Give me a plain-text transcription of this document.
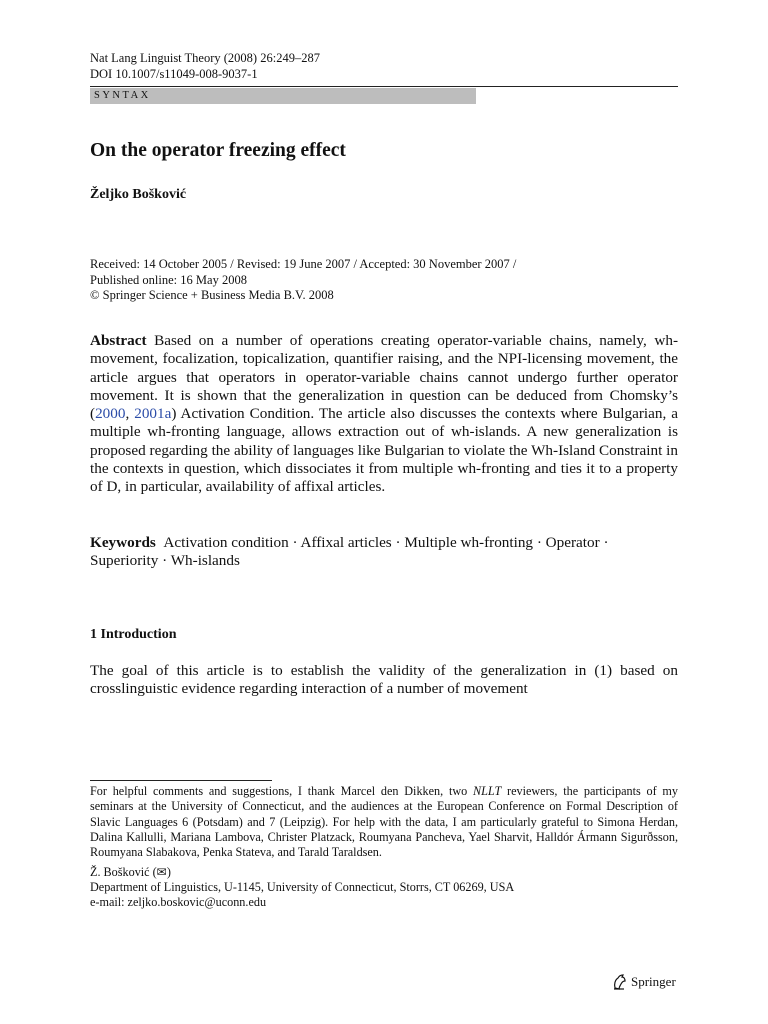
Nat Lang Linguist Theory (2008) 26:249–287
DOI 10.1007/s11049-008-9037-1
SYNTAX
On the operator freezing effect
Željko Bošković
Received: 14 October 2005 / Revised: 19 June 2007 / Accepted: 30 November 2007 /
Published online: 16 May 2008
© Springer Science + Business Media B.V. 2008
Abstract Based on a number of operations creating operator-variable chains, namely, wh-movement, focalization, topicalization, quantifier raising, and the NPI-licensing movement, the article argues that operators in operator-variable chains cannot undergo further operator movement. It is shown that the generalization in question can be deduced from Chomsky’s (2000, 2001a) Activation Condition. The article also discusses the contexts where Bulgarian, a multiple wh-fronting language, allows extraction out of wh-islands. A new generalization is proposed regarding the ability of languages like Bulgarian to violate the Wh-Island Constraint in the contexts in question, which dissociates it from multiple wh-fronting and ties it to a property of D, in particular, availability of affixal articles.
Keywords Activation condition · Affixal articles · Multiple wh-fronting · Operator · Superiority · Wh-islands
1 Introduction
The goal of this article is to establish the validity of the generalization in (1) based on crosslinguistic evidence regarding interaction of a number of movement
For helpful comments and suggestions, I thank Marcel den Dikken, two NLLT reviewers, the participants of my seminars at the University of Connecticut, and the audiences at the European Conference on Formal Description of Slavic Languages 6 (Potsdam) and 7 (Leipzig). For help with the data, I am particularly grateful to Simona Herdan, Dalina Kallulli, Mariana Lambova, Christer Platzack, Roumyana Pancheva, Yael Sharvit, Halldór Ármann Sigurðsson, Roumyana Slabakova, Penka Stateva, and Tarald Taraldsen.
Ž. Bošković (✉)
Department of Linguistics, U-1145, University of Connecticut, Storrs, CT 06269, USA
e-mail: zeljko.boskovic@uconn.edu
Springer
